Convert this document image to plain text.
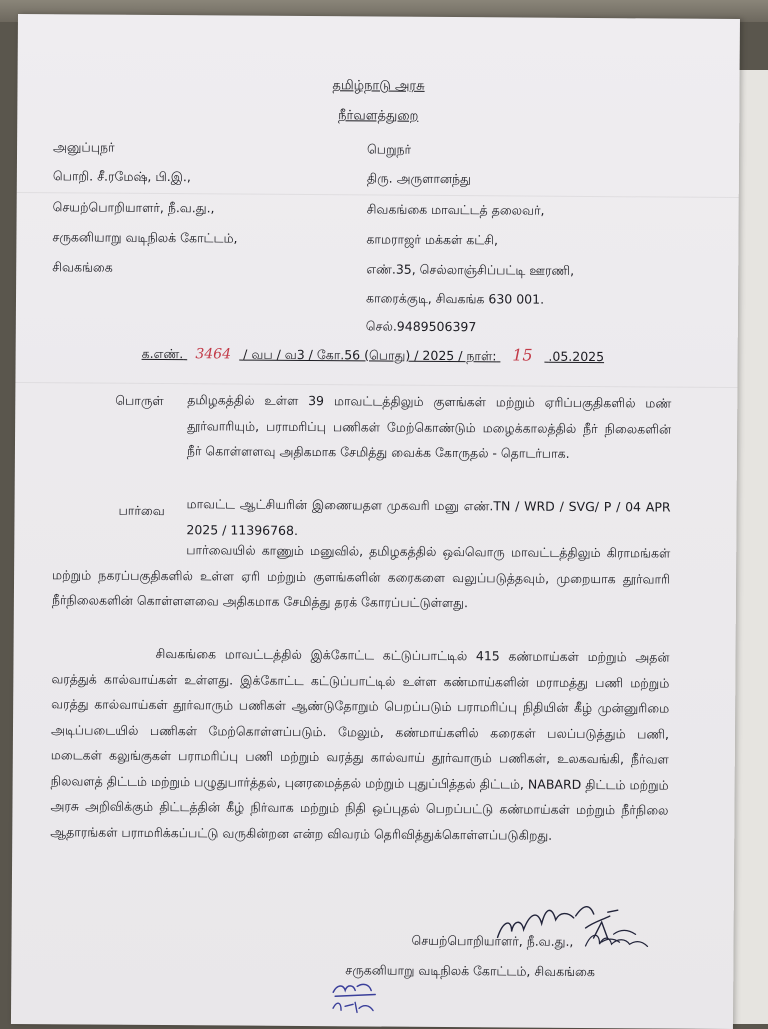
தமிழ்நாடு அரசு
நீர்வளத்துறை
அனுப்புநர்
பொறி. சீ.ரமேஷ், பி.இ.,
செயற்பொறியாளர், நீ.வ.து.,
சருகனியாறு வடிநிலக் கோட்டம்,
சிவகங்கை
பெறுநர்
திரு. அருளானந்து
சிவகங்கை மாவட்டத் தலைவர்,
காமராஜர் மக்கள் கட்சி,
எண்.35, செல்லாஞ்சிப்பட்டி ஊரணி,
காரைக்குடி, சிவகங்க 630 001.
செல்.9489506397
க.எண். 3464 / வப / வ3 / கோ.56 (பொது) / 2025 / நாள்: 15 .05.2025
பொருள் தமிழகத்தில் உள்ள 39 மாவட்டத்திலும் குளங்கள் மற்றும் ஏரிப்பகுதிகளில் மண் தூர்வாரியும், பராமரிப்பு பணிகள் மேற்கொண்டும் மழைக்காலத்தில் நீர் நிலைகளின் நீர் கொள்ளளவு அதிகமாக சேமித்து வைக்க கோருதல் - தொடர்பாக.
பார்வை மாவட்ட ஆட்சியரின் இணையதள முகவரி மனு எண்.TN / WRD / SVG/ P / 04 APR 2025 / 11396768.
பார்வையில் காணும் மனுவில், தமிழகத்தில் ஒவ்வொரு மாவட்டத்திலும் கிராமங்கள் மற்றும் நகரப்பகுதிகளில் உள்ள ஏரி மற்றும் குளங்களின் கரைகளை வலுப்படுத்தவும், முறையாக தூர்வாரி நீர்நிலைகளின் கொள்ளளவை அதிகமாக சேமித்து தரக் கோரப்பட்டுள்ளது.
சிவகங்கை மாவட்டத்தில் இக்கோட்ட கட்டுப்பாட்டில் 415 கண்மாய்கள் மற்றும் அதன் வரத்துக் கால்வாய்கள் உள்ளது. இக்கோட்ட கட்டுப்பாட்டில் உள்ள கண்மாய்களின் மராமத்து பணி மற்றும் வரத்து கால்வாய்கள் தூர்வாரும் பணிகள் ஆண்டுதோறும் பெறப்படும் பராமரிப்பு நிதியின் கீழ் முன்னுரிமை அடிப்படையில் பணிகள் மேற்கொள்ளப்படும். மேலும், கண்மாய்களில் கரைகள் பலப்படுத்தும் பணி, மடைகள் கலுங்குகள் பராமரிப்பு பணி மற்றும் வரத்து கால்வாய் தூர்வாரும் பணிகள், உலகவங்கி, நீர்வள நிலவளத் திட்டம் மற்றும் பழுதுபார்த்தல், புனரமைத்தல் மற்றும் புதுப்பித்தல் திட்டம், NABARD திட்டம் மற்றும் அரசு அறிவிக்கும் திட்டத்தின் கீழ் நிர்வாக மற்றும் நிதி ஒப்புதல் பெறப்பட்டு கண்மாய்கள் மற்றும் நீர்நிலை ஆதாரங்கள் பராமரிக்கப்பட்டு வருகின்றன என்ற விவரம் தெரிவித்துக்கொள்ளப்படுகிறது.
செயற்பொறியாளர், நீ.வ.து.,
சருகனியாறு வடிநிலக் கோட்டம், சிவகங்கை
